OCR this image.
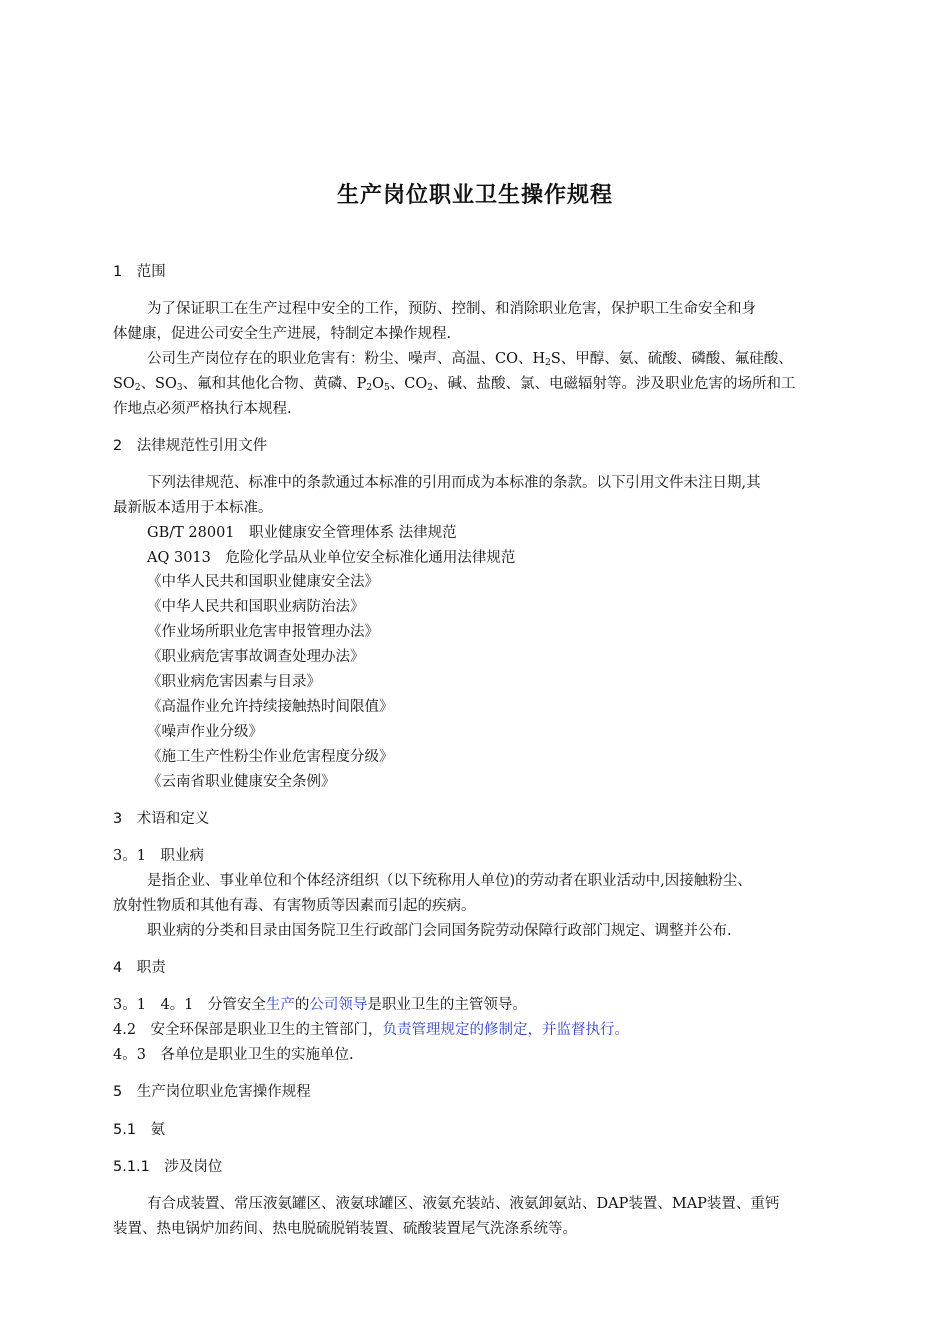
生产岗位职业卫生操作规程
1　范围
为了保证职工在生产过程中安全的工作，预防、控制、和消除职业危害，保护职工生命安全和身
体健康，促进公司安全生产进展，特制定本操作规程.
公司生产岗位存在的职业危害有：粉尘、噪声、高温、CO、$H_2S$、甲醇、氨、硫酸、磷酸、氟硅酸、
$SO_2$、$SO_3$、氟和其他化合物、黄磷、$P_2O_5$、$CO_2$、碱、盐酸、氯、电磁辐射等。涉及职业危害的场所和工
作地点必须严格执行本规程.
2　法律规范性引用文件
下列法律规范、标准中的条款通过本标准的引用而成为本标准的条款。以下引用文件未注日期,其
最新版本适用于本标准。
GB/T 28001　职业健康安全管理体系 法律规范
AQ 3013　危险化学品从业单位安全标准化通用法律规范
《中华人民共和国职业健康安全法》
《中华人民共和国职业病防治法》
《作业场所职业危害申报管理办法》
《职业病危害事故调查处理办法》
《职业病危害因素与目录》
《高温作业允许持续接触热时间限值》
《噪声作业分级》
《施工生产性粉尘作业危害程度分级》
《云南省职业健康安全条例》
3　术语和定义
3。1　职业病
是指企业、事业单位和个体经济组织（以下统称用人单位)的劳动者在职业活动中,因接触粉尘、
放射性物质和其他有毒、有害物质等因素而引起的疾病。
职业病的分类和目录由国务院卫生行政部门会同国务院劳动保障行政部门规定、调整并公布.
4　职责
3。1　4。1　分管安全生产的公司领导是职业卫生的主管领导。
4.2　安全环保部是职业卫生的主管部门，负责管理规定的修制定，并监督执行。
4。3　各单位是职业卫生的实施单位.
5　生产岗位职业危害操作规程
5.1　氨
5.1.1　涉及岗位
有合成装置、常压液氨罐区、液氨球罐区、液氨充装站、液氨卸氨站、DAP装置、MAP装置、重钙
装置、热电锅炉加药间、热电脱硫脱销装置、硫酸装置尾气洗涤系统等。
